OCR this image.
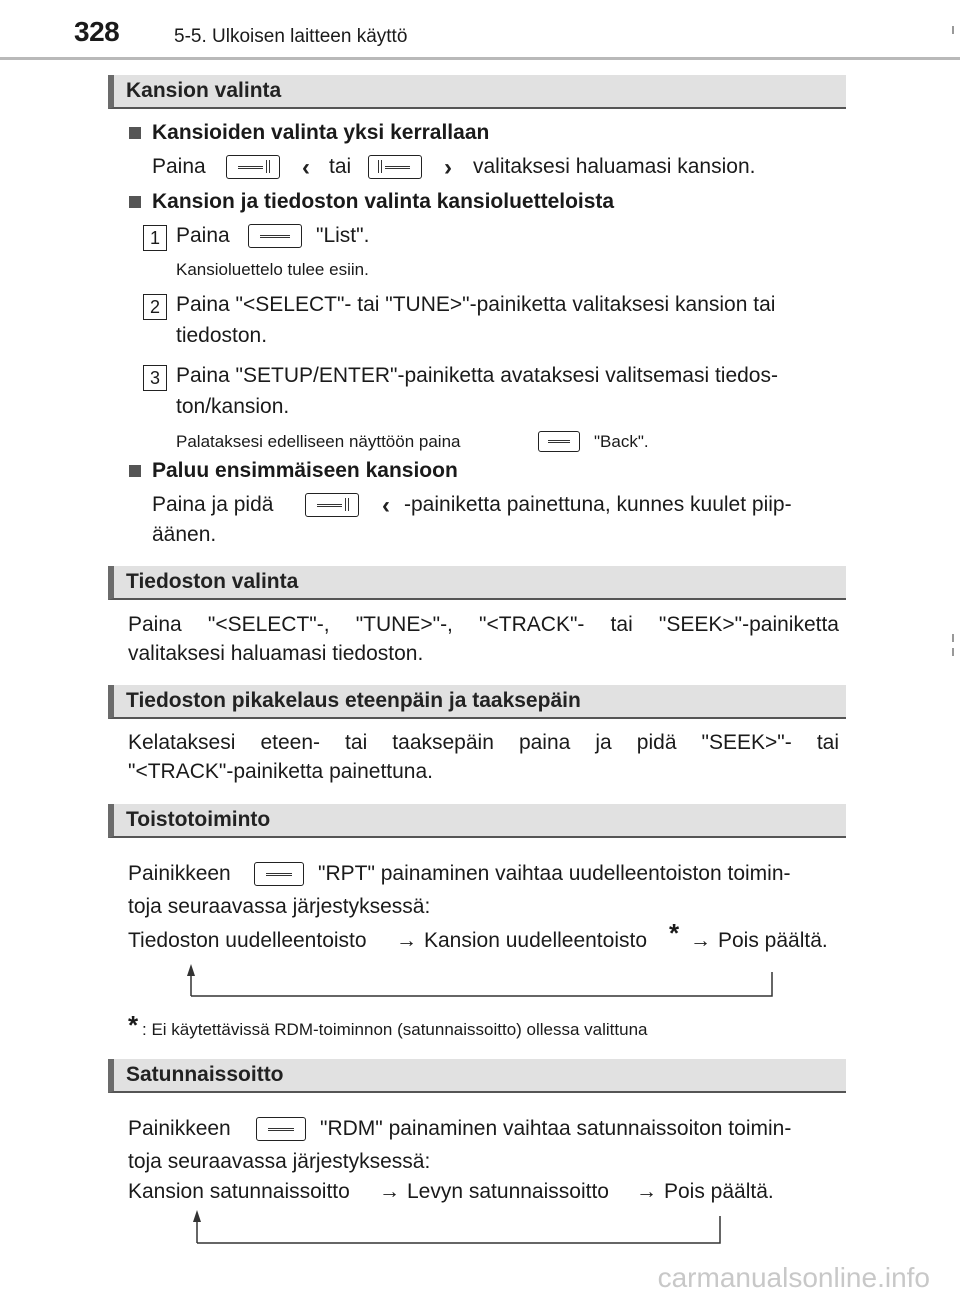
328	5-5. Ulkoisen laitteen käyttö
Kansion valinta
Kansioiden valinta yksi kerrallaan
Paina	‹ tai	› valitaksesi haluamasi kansion.
Kansion ja tiedoston valinta kansioluetteloista
1 Paina	"List".
Kansioluettelo tulee esiin.
2 Paina "<SELECT"- tai "TUNE>"-painiketta valitaksesi kansion tai
tiedoston.
3 Paina "SETUP/ENTER"-painiketta avataksesi valitsemasi tiedos-
ton/kansion.
Palataksesi edelliseen näyttöön paina	"Back".
Paluu ensimmäiseen kansioon
Paina ja pidä	‹ -painiketta painettuna, kunnes kuulet piip-
äänen.
Tiedoston valinta
Paina "<SELECT"-, "TUNE>"-, "<TRACK"- tai "SEEK>"-painiketta
valitaksesi haluamasi tiedoston.
Tiedoston pikakelaus eteenpäin ja taaksepäin
Kelataksesi eteen- tai taaksepäin paina ja pidä "SEEK>"- tai
"<TRACK"-painiketta painettuna.
Toistotoiminto
Painikkeen	"RPT" painaminen vaihtaa uudelleentoiston toimin-
toja seuraavassa järjestyksessä:
Tiedoston uudelleentoisto → Kansion uudelleentoisto * → Pois päältä.
* : Ei käytettävissä RDM-toiminnon (satunnaissoitto) ollessa valittuna
Satunnaissoitto
Painikkeen	"RDM" painaminen vaihtaa satunnaissoiton toimin-
toja seuraavassa järjestyksessä:
Kansion satunnaissoitto → Levyn satunnaissoitto → Pois päältä.
carmanualsonline.info
